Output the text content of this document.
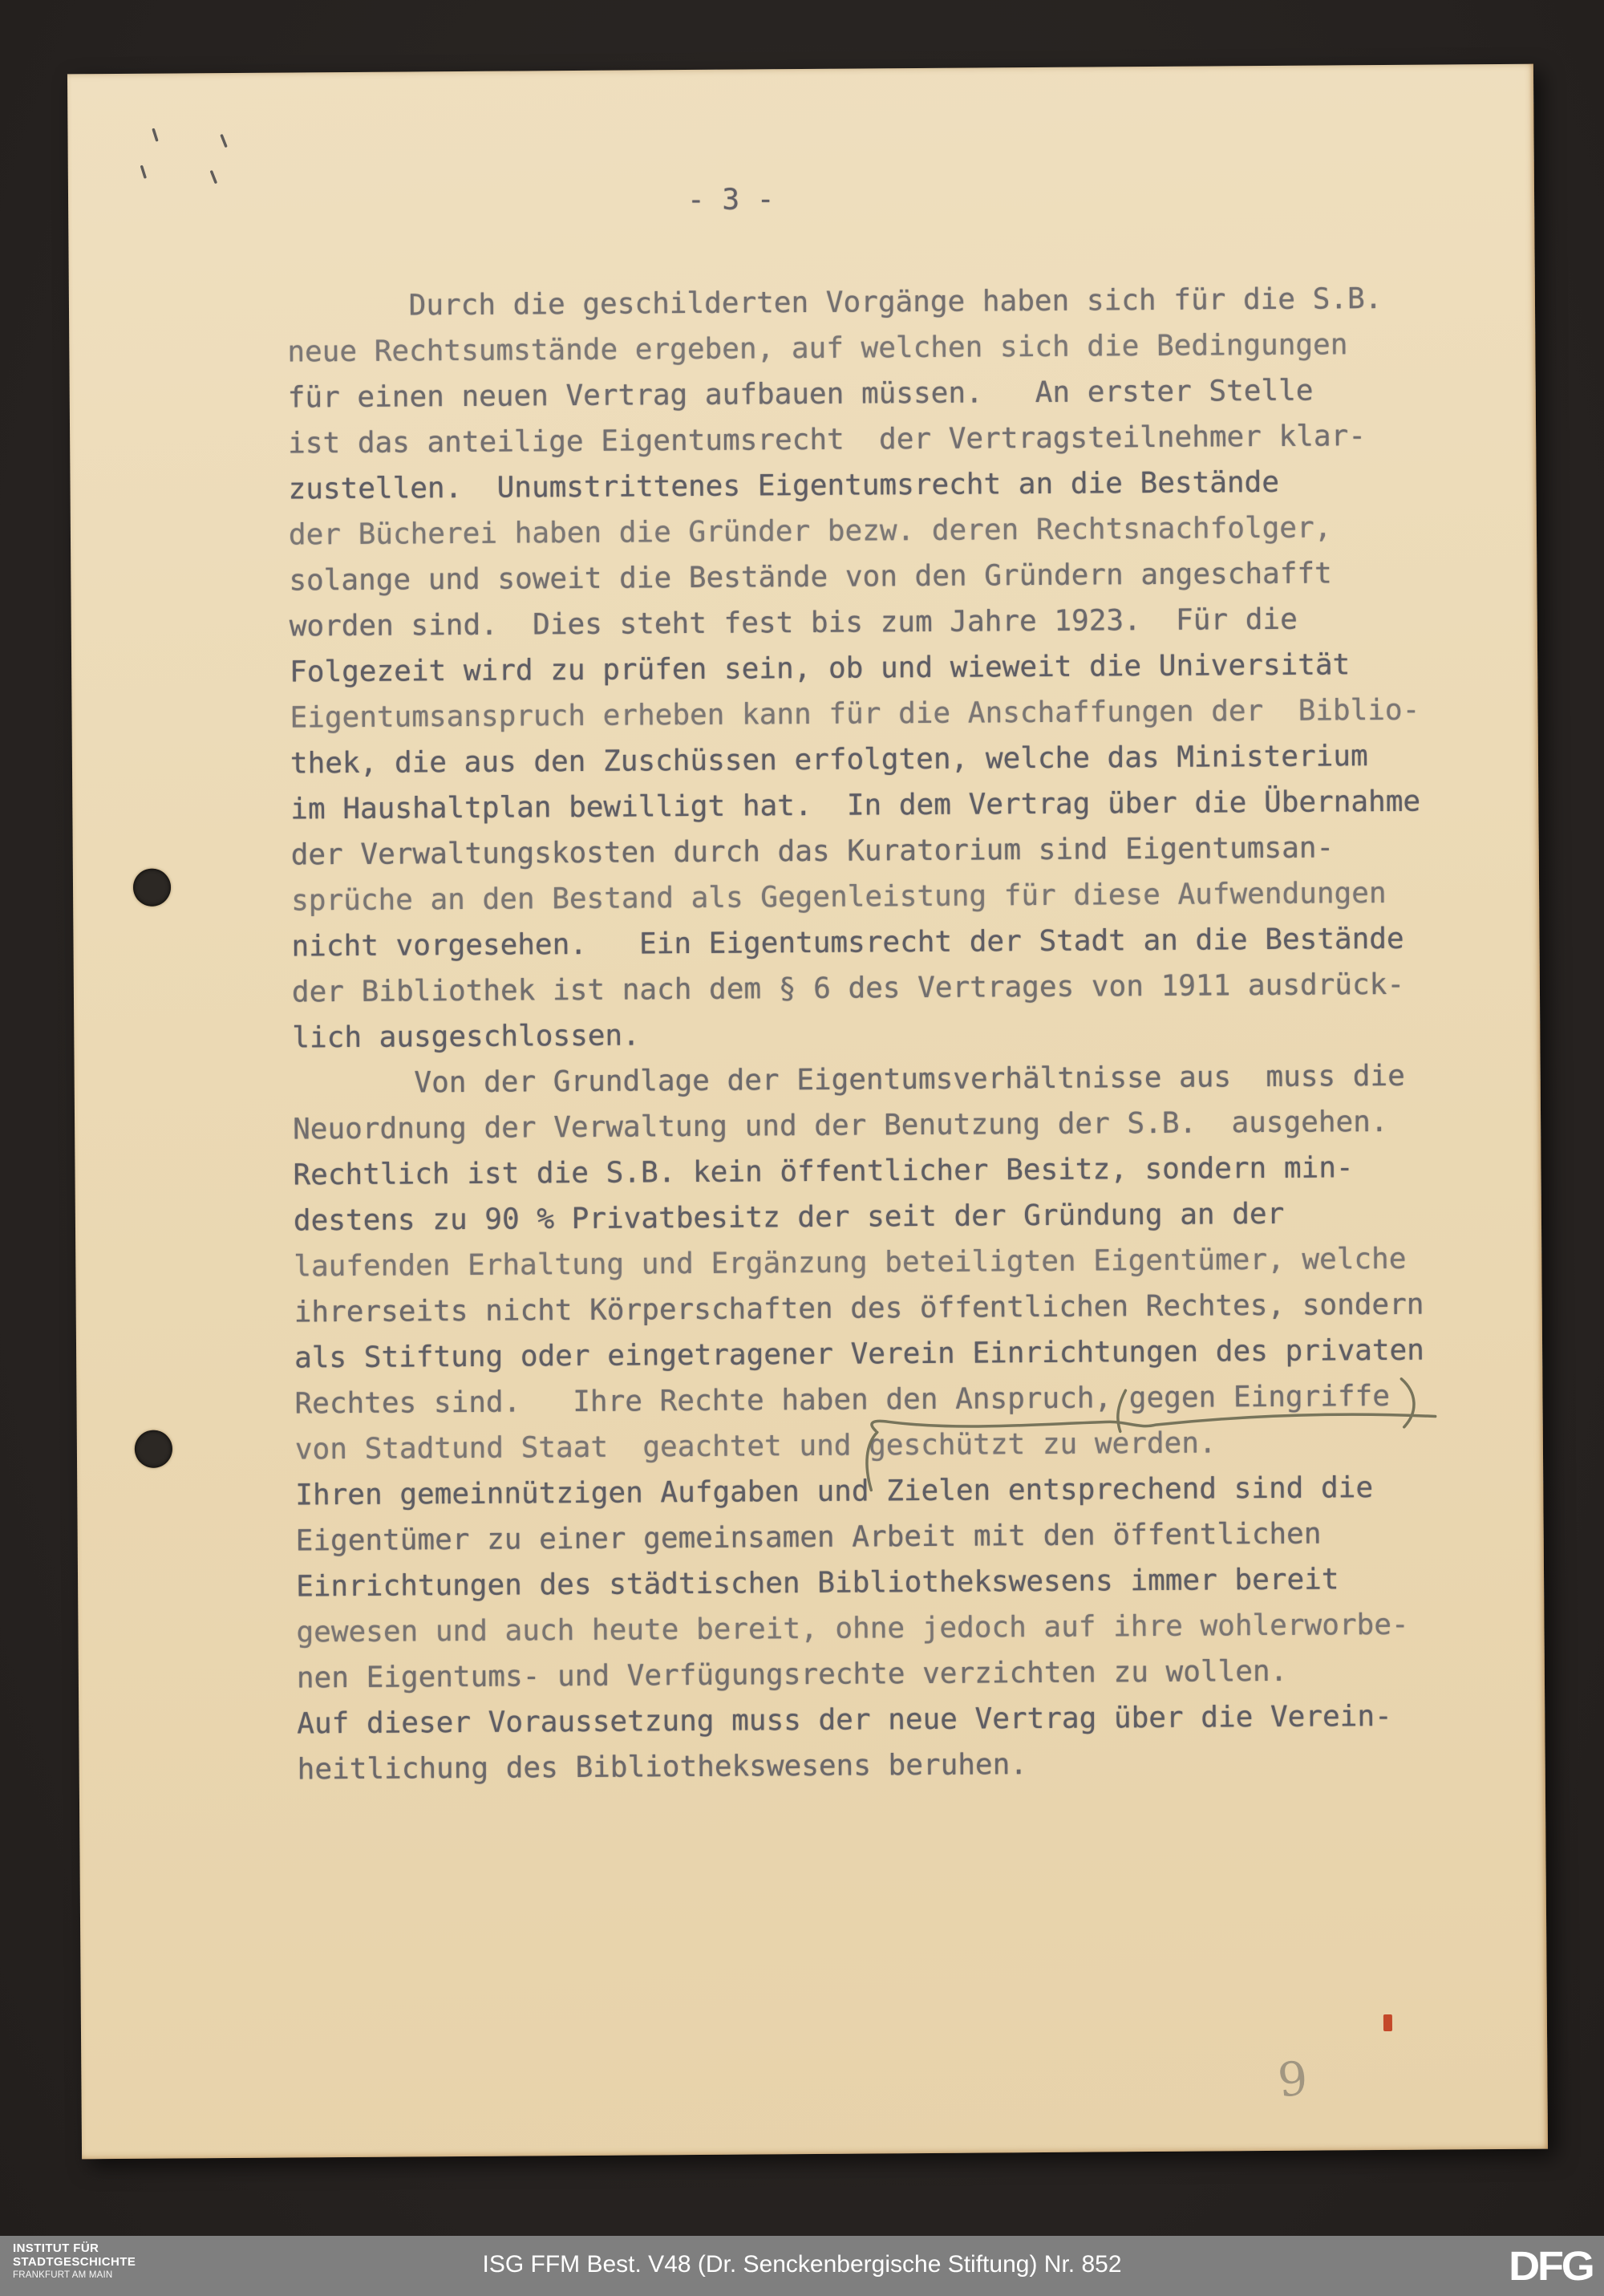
- 3 -
Durch die geschilderten Vorgänge haben sich für die S.B.
neue Rechtsumstände ergeben, auf welchen sich die Bedingungen
für einen neuen Vertrag aufbauen müssen.   An erster Stelle
ist das anteilige Eigentumsrecht  der Vertragsteilnehmer klar-
zustellen.  Unumstrittenes Eigentumsrecht an die Bestände
der Bücherei haben die Gründer bezw. deren Rechtsnachfolger,
solange und soweit die Bestände von den Gründern angeschafft
worden sind.  Dies steht fest bis zum Jahre 1923.  Für die
Folgezeit wird zu prüfen sein, ob und wieweit die Universität
Eigentumsanspruch erheben kann für die Anschaffungen der  Biblio-
thek, die aus den Zuschüssen erfolgten, welche das Ministerium
im Haushaltplan bewilligt hat.  In dem Vertrag über die Übernahme
der Verwaltungskosten durch das Kuratorium sind Eigentumsan-
sprüche an den Bestand als Gegenleistung für diese Aufwendungen
nicht vorgesehen.   Ein Eigentumsrecht der Stadt an die Bestände
der Bibliothek ist nach dem § 6 des Vertrages von 1911 ausdrück-
lich ausgeschlossen.
Von der Grundlage der Eigentumsverhältnisse aus  muss die
Neuordnung der Verwaltung und der Benutzung der S.B.  ausgehen.
Rechtlich ist die S.B. kein öffentlicher Besitz, sondern min-
destens zu 90 % Privatbesitz der seit der Gründung an der
laufenden Erhaltung und Ergänzung beteiligten Eigentümer, welche
ihrerseits nicht Körperschaften des öffentlichen Rechtes, sondern
als Stiftung oder eingetragener Verein Einrichtungen des privaten
Rechtes sind.   Ihre Rechte haben den Anspruch, gegen Eingriffe
von Stadtund Staat  geachtet und geschützt zu werden.
Ihren gemeinnützigen Aufgaben und Zielen entsprechend sind die
Eigentümer zu einer gemeinsamen Arbeit mit den öffentlichen
Einrichtungen des städtischen Bibliothekswesens immer bereit
gewesen und auch heute bereit, ohne jedoch auf ihre wohlerworbe-
nen Eigentums- und Verfügungsrechte verzichten zu wollen.
Auf dieser Voraussetzung muss der neue Vertrag über die Verein-
heitlichung des Bibliothekswesens beruhen.
9
INSTITUT FÜR
STADTGESCHICHTE
FRANKFURT AM MAIN	ISG FFM Best. V48 (Dr. Senckenbergische Stiftung) Nr. 852	DFG
